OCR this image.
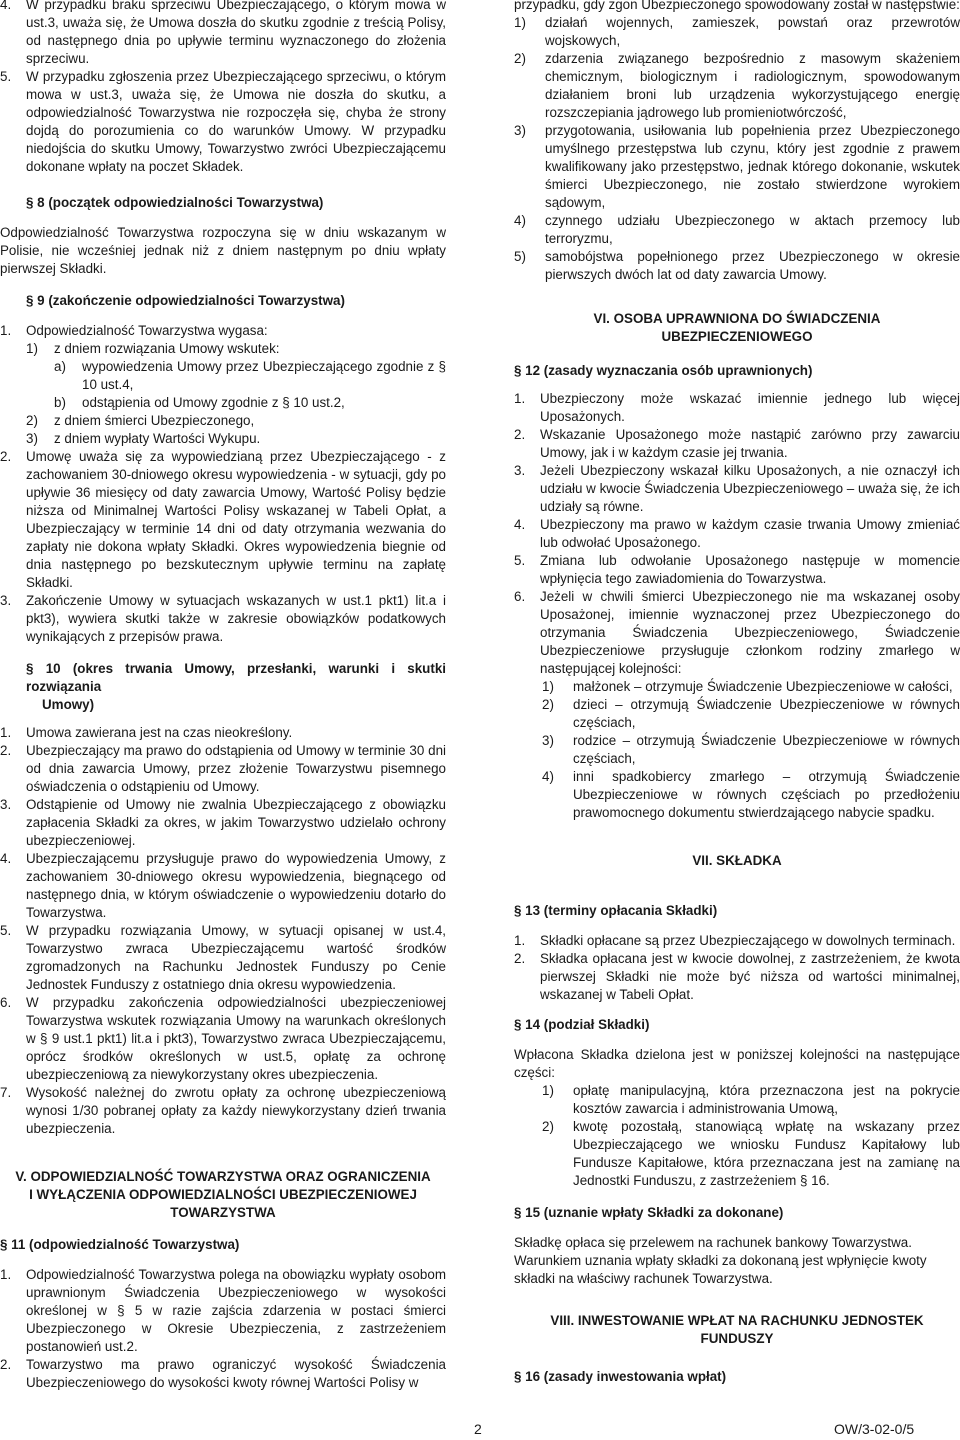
4.	W przypadku braku sprzeciwu Ubezpieczającego, o którym mowa w ust.3, uważa się, że Umowa doszła do skutku zgodnie z treścią Polisy, od następnego dnia po upływie terminu wyznaczonego do złożenia sprzeciwu.
5.	W przypadku zgłoszenia przez Ubezpieczającego sprzeciwu, o którym mowa w ust.3, uważa się, że Umowa nie doszła do skutku, a odpowiedzialność Towarzystwa nie rozpoczęła się, chyba że strony dojdą do porozumienia co do warunków Umowy. W przypadku niedojścia do skutku Umowy, Towarzystwo zwróci Ubezpieczającemu dokonane wpłaty na poczet Składek.

§ 8 (początek odpowiedzialności Towarzystwa)

Odpowiedzialność Towarzystwa rozpoczyna się w dniu wskazanym w Polisie, nie wcześniej jednak niż z dniem następnym po dniu wpłaty pierwszej Składki.

§ 9 (zakończenie odpowiedzialności Towarzystwa)

1.	Odpowiedzialność Towarzystwa wygasa:
1)	z dniem rozwiązania Umowy wskutek:
a)	wypowiedzenia Umowy przez Ubezpieczającego zgodnie z § 10 ust.4,
b)	odstąpienia od Umowy zgodnie z § 10 ust.2,
2)	z dniem śmierci Ubezpieczonego,
3)	z dniem wypłaty Wartości Wykupu.
2.	Umowę uważa się za wypowiedzianą przez Ubezpieczającego - z zachowaniem 30-dniowego okresu wypowiedzenia - w sytuacji, gdy po upływie 36 miesięcy od daty zawarcia Umowy, Wartość Polisy będzie niższa od Minimalnej Wartości Polisy wskazanej w Tabeli Opłat, a Ubezpieczający w terminie 14 dni od daty otrzymania wezwania do zapłaty nie dokona wpłaty Składki. Okres wypowiedzenia biegnie od dnia następnego po bezskutecznym upływie terminu na zapłatę Składki.
3.	Zakończenie Umowy w sytuacjach wskazanych w ust.1 pkt1) lit.a i pkt3), wywiera skutki także w zakresie obowiązków podatkowych wynikających z przepisów prawa.

§ 10 (okres trwania Umowy, przesłanki, warunki i skutki rozwiązania

Umowy)

1.	Umowa zawierana jest na czas nieokreślony.
2.	Ubezpieczający ma prawo do odstąpienia od Umowy w terminie 30 dni od dnia zawarcia Umowy, przez złożenie Towarzystwu pisemnego oświadczenia o odstąpieniu od Umowy.
3.	Odstąpienie od Umowy nie zwalnia Ubezpieczającego z obowiązku zapłacenia Składki za okres, w jakim Towarzystwo udzielało ochrony ubezpieczeniowej.
4.	Ubezpieczającemu przysługuje prawo do wypowiedzenia Umowy, z zachowaniem 30-dniowego okresu wypowiedzenia, biegnącego od następnego dnia, w którym oświadczenie o wypowiedzeniu dotarło do Towarzystwa.
5.	W przypadku rozwiązania Umowy, w sytuacji opisanej w ust.4, Towarzystwo zwraca Ubezpieczającemu wartość środków zgromadzonych na Rachunku Jednostek Funduszy po Cenie Jednostek Funduszy z ostatniego dnia okresu wypowiedzenia.
6.	W przypadku zakończenia odpowiedzialności ubezpieczeniowej Towarzystwa wskutek rozwiązania Umowy na warunkach określonych w § 9 ust.1 pkt1) lit.a i pkt3), Towarzystwo zwraca Ubezpieczającemu, oprócz środków określonych w ust.5, opłatę za ochronę ubezpieczeniową za niewykorzystany okres ubezpieczenia.
7.	Wysokość należnej do zwrotu opłaty za ochronę ubezpieczeniową wynosi 1/30 pobranej opłaty za każdy niewykorzystany dzień trwania ubezpieczenia.

V. ODPOWIEDZIALNOŚĆ TOWARZYSTWA ORAZ OGRANICZENIA

I WYŁĄCZENIA ODPOWIEDZIALNOŚCI UBEZPIECZENIOWEJ

TOWARZYSTWA

§ 11 (odpowiedzialność Towarzystwa)

1.	Odpowiedzialność Towarzystwa polega na obowiązku wypłaty osobom uprawnionym Świadczenia Ubezpieczeniowego w wysokości określonej w § 5 w razie zajścia zdarzenia w postaci śmierci Ubezpieczonego w Okresie Ubezpieczenia, z zastrzeżeniem postanowień ust.2.
2.	Towarzystwo ma prawo ograniczyć wysokość Świadczenia Ubezpieczeniowego do wysokości kwoty równej Wartości Polisy w

przypadku, gdy zgon Ubezpieczonego spowodowany został w następstwie:

1)	działań wojennych, zamieszek, powstań oraz przewrotów wojskowych,
2)	zdarzenia związanego bezpośrednio z masowym skażeniem chemicznym, biologicznym i radiologicznym, spowodowanym działaniem broni lub urządzenia wykorzystującego energię rozszczepiania jądrowego lub promieniotwórczość,
3)	przygotowania, usiłowania lub popełnienia przez Ubezpieczonego umyślnego przestępstwa lub czynu, który jest zgodnie z prawem kwalifikowany jako przestępstwo, jednak którego dokonanie, wskutek śmierci Ubezpieczonego, nie zostało stwierdzone wyrokiem sądowym,
4)	czynnego udziału Ubezpieczonego w aktach przemocy lub terroryzmu,
5)	samobójstwa popełnionego przez Ubezpieczonego w okresie pierwszych dwóch lat od daty zawarcia Umowy.

VI. OSOBA UPRAWNIONA DO ŚWIADCZENIA

UBEZPIECZENIOWEGO

§ 12 (zasady wyznaczania osób uprawnionych)

1.	Ubezpieczony może wskazać imiennie jednego lub więcej Uposażonych.
2.	Wskazanie Uposażonego może nastąpić zarówno przy zawarciu Umowy, jak i w każdym czasie jej trwania.
3.	Jeżeli Ubezpieczony wskazał kilku Uposażonych, a nie oznaczył ich udziału w kwocie Świadczenia Ubezpieczeniowego – uważa się, że ich udziały są równe.
4.	Ubezpieczony ma prawo w każdym czasie trwania Umowy zmieniać lub odwołać Uposażonego.
5.	Zmiana lub odwołanie Uposażonego następuje w momencie wpłynięcia tego zawiadomienia do Towarzystwa.
6.	Jeżeli w chwili śmierci Ubezpieczonego nie ma wskazanej osoby Uposażonej, imiennie wyznaczonej przez Ubezpieczonego do otrzymania Świadczenia Ubezpieczeniowego, Świadczenie Ubezpieczeniowe przysługuje członkom rodziny zmarłego w następującej kolejności:
1)	małżonek – otrzymuje Świadczenie Ubezpieczeniowe w całości,
2)	dzieci – otrzymują Świadczenie Ubezpieczeniowe w równych częściach,
3)	rodzice – otrzymują Świadczenie Ubezpieczeniowe w równych częściach,
4)	inni spadkobiercy zmarłego – otrzymują Świadczenie Ubezpieczeniowe w równych częściach po przedłożeniu prawomocnego dokumentu stwierdzającego nabycie spadku.

VII. SKŁADKA

§ 13 (terminy opłacania Składki)

1.	Składki opłacane są przez Ubezpieczającego w dowolnych terminach.
2.	Składka opłacana jest w kwocie dowolnej, z zastrzeżeniem, że kwota pierwszej Składki nie może być niższa od wartości minimalnej, wskazanej w Tabeli Opłat.

§ 14 (podział Składki)

Wpłacona Składka dzielona jest w poniższej kolejności na następujące części:

1)	opłatę manipulacyjną, która przeznaczona jest na pokrycie kosztów zawarcia i administrowania Umową,
2)	kwotę pozostałą, stanowiącą wpłatę na wskazany przez Ubezpieczającego we wniosku Fundusz Kapitałowy lub Fundusze Kapitałowe, która przeznaczana jest na zamianę na Jednostki Funduszu, z zastrzeżeniem § 16.

§ 15 (uznanie wpłaty Składki za dokonane)

Składkę opłaca się przelewem na rachunek bankowy Towarzystwa. Warunkiem uznania wpłaty składki za dokonaną jest wpłynięcie kwoty składki na właściwy rachunek Towarzystwa.

VIII. INWESTOWANIE WPŁAT NA RACHUNKU JEDNOSTEK FUNDUSZY

§ 16 (zasady inwestowania wpłat)

2	OW/3-02-0/5
